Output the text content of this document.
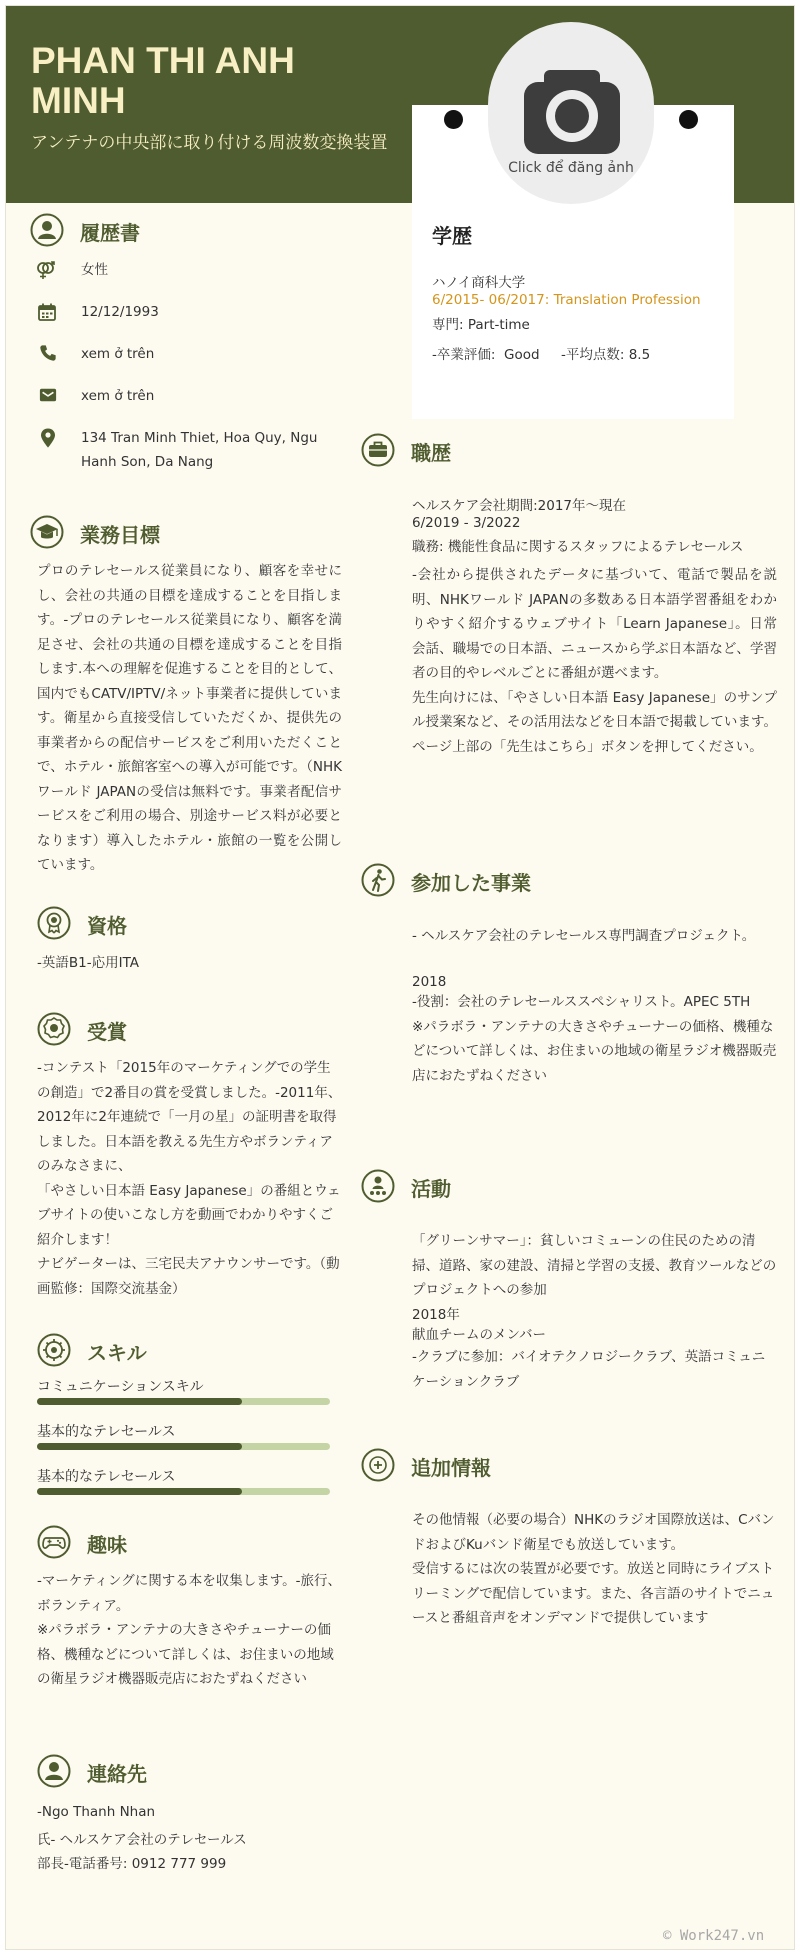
PHAN THI ANH MINH
アンテナの中央部に取り付ける周波数変換装置
Click để đăng ảnh
学歴
ハノイ商科大学
6/2015- 06/2017: Translation Profession
専門: Part-time
-卒業評価:  Good     -平均点数: 8.5
履歴書
女性
12/12/1993
xem ở trên
xem ở trên
134 Tran Minh Thiet, Hoa Quy, Ngu Hanh Son, Da Nang
業務目標
プロのテレセールス従業員になり、顧客を幸せにし、会社の共通の目標を達成することを目指します。-プロのテレセールス従業員になり、顧客を満足させ、会社の共通の目標を達成することを目指します.本への理解を促進することを目的として、国内でもCATV/IPTV/ネット事業者に提供しています。衛星から直接受信していただくか、提供先の事業者からの配信サービスをご利用いただくことで、ホテル・旅館客室への導入が可能です。（NHKワールド JAPANの受信は無料です。事業者配信サービスをご利用の場合、別途サービス料が必要となります）導入したホテル・旅館の一覧を公開しています。
資格
-英語B1-応用ITA
受賞
-コンテスト「2015年のマーケティングでの学生の創造」で2番目の賞を受賞しました。-2011年、2012年に2年連続で「一月の星」の証明書を取得しました。日本語を教える先生方やボランティアのみなさまに、
「やさしい日本語 Easy Japanese」の番組とウェブサイトの使いこなし方を動画でわかりやすくご紹介します！
ナビゲーターは、三宅民夫アナウンサーです。（動画監修：国際交流基金）
スキル
コミュニケーションスキル
基本的なテレセールス
基本的なテレセールス
趣味
-マーケティングに関する本を収集します。-旅行、ボランティア。
※パラボラ・アンテナの大きさやチューナーの価格、機種などについて詳しくは、お住まいの地域の衛星ラジオ機器販売店におたずねください
連絡先
-Ngo Thanh Nhan
氏- ヘルスケア会社のテレセールス
部長-電話番号: 0912 777 999
職歴
ヘルスケア会社期間:2017年～現在
6/2019 - 3/2022
職務: 機能性食品に関するスタッフによるテレセールス
-会社から提供されたデータに基づいて、電話で製品を説明、NHKワールド JAPANの多数ある日本語学習番組をわかりやすく紹介するウェブサイト「Learn Japanese」。日常会話、職場での日本語、ニュースから学ぶ日本語など、学習者の目的やレベルごとに番組が選べます。
先生向けには、「やさしい日本語 Easy Japanese」のサンプル授業案など、その活用法などを日本語で掲載しています。ページ上部の「先生はこちら」ボタンを押してください。
参加した事業
- ヘルスケア会社のテレセールス専門調査プロジェクト。
2018
-役割：会社のテレセールススペシャリスト。APEC 5TH
※パラボラ・アンテナの大きさやチューナーの価格、機種などについて詳しくは、お住まいの地域の衛星ラジオ機器販売店におたずねください
活動
「グリーンサマー」：貧しいコミューンの住民のための清掃、道路、家の建設、清掃と学習の支援、教育ツールなどのプロジェクトへの参加
2018年
献血チームのメンバー
-クラブに参加：バイオテクノロジークラブ、英語コミュニケーションクラブ
追加情報
その他情報（必要の場合）NHKのラジオ国際放送は、CバンドおよびKuバンド衛星でも放送しています。
受信するには次の装置が必要です。放送と同時にライブストリーミングで配信しています。また、各言語のサイトでニュースと番組音声をオンデマンドで提供しています
© Work247.vn
